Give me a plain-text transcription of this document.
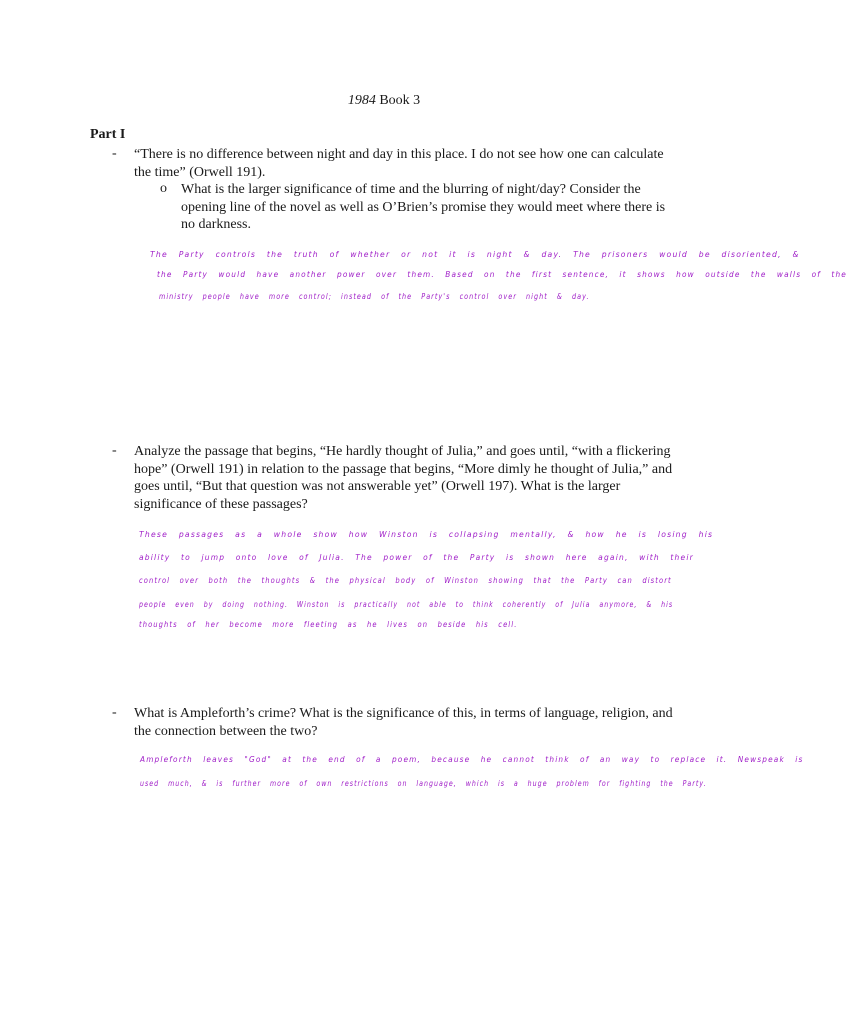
1984 Book 3
Part I
- “There is no difference between night and day in this place. I do not see how one can calculate the time” (Orwell 191).
o What is the larger significance of time and the blurring of night/day? Consider the opening line of the novel as well as O’Brien’s promise they would meet where there is no darkness.
The Party controls the truth of whether or not it is night & day. The prisoners would be disoriented, &
the Party would have another power over them. Based on the first sentence, it shows how outside the walls of the
ministry people have more control; instead of the Party's control over night & day.
- Analyze the passage that begins, “He hardly thought of Julia,” and goes until, “with a flickering hope” (Orwell 191) in relation to the passage that begins, “More dimly he thought of Julia,” and goes until, “But that question was not answerable yet” (Orwell 197). What is the larger significance of these passages?
These passages as a whole show how Winston is collapsing mentally, & how he is losing his
ability to jump onto love of Julia. The power of the Party is shown here again, with their
control over both the thoughts & the physical body of Winston showing that the Party can distort
people even by doing nothing. Winston is practically not able to think coherently of Julia anymore, & his
thoughts of her become more fleeting as he lives on beside his cell.
- What is Ampleforth’s crime? What is the significance of this, in terms of language, religion, and the connection between the two?
Ampleforth leaves "God" at the end of a poem, because he cannot think of an way to replace it. Newspeak is
used much, & is further more of own restrictions on language, which is a huge problem for fighting the Party.
